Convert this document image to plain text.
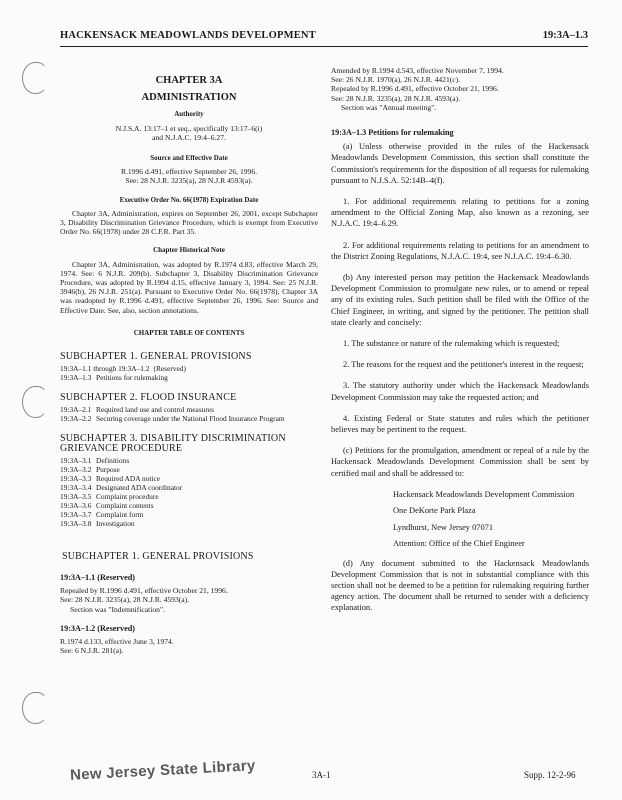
HACKENSACK MEADOWLANDS DEVELOPMENT	19:3A–1.3
CHAPTER 3A
ADMINISTRATION
Authority
N.J.S.A. 13:17–1 et seq., specifically 13:17–6(i)
and N.J.A.C. 19:4–6.27.
Source and Effective Date
R.1996 d.491, effective September 26, 1996.
See: 28 N.J.R. 3235(a), 28 N.J.R 4593(a).
Executive Order No. 66(1978) Expiration Date
Chapter 3A, Administration, expires on September 26, 2001, except Subchapter 3, Disability Discrimination Grievance Procedure, which is exempt from Executive Order No. 66(1978) under 28 C.F.R. Part 35.
Chapter Historical Note
Chapter 3A, Administration, was adopted by R.1974 d.83, effective March 29, 1974. See: 6 N.J.R. 209(b). Subchapter 3, Disability Discrimination Grievance Procedure, was adopted by R.1994 d.15, effective January 3, 1994. See: 25 N.J.R. 3946(b), 26 N.J.R. 251(a). Pursuant to Executive Order No. 66(1978), Chapter 3A was readopted by R.1996 d.491, effective September 26, 1996. See: Source and Effective Date. See, also, section annotations.
CHAPTER TABLE OF CONTENTS
SUBCHAPTER 1. GENERAL PROVISIONS
19:3A–1.1 through 19:3A–1.2 (Reserved)
19:3A–1.3 Petitions for rulemaking
SUBCHAPTER 2. FLOOD INSURANCE
19:3A–2.1 Required land use and control measures
19:3A–2.2 Securing coverage under the National Flood Insurance Program
SUBCHAPTER 3. DISABILITY DISCRIMINATION GRIEVANCE PROCEDURE
19:3A–3.1 Definitions
19:3A–3.2 Purpose
19:3A–3.3 Required ADA notice
19:3A–3.4 Designated ADA coordinator
19:3A–3.5 Complaint procedure
19:3A–3.6 Complaint contents
19:3A–3.7 Complaint form
19:3A–3.8 Investigation
SUBCHAPTER 1. GENERAL PROVISIONS
19:3A–1.1 (Reserved)
Repealed by R.1996 d.491, effective October 21, 1996.
See: 28 N.J.R. 3235(a), 28 N.J.R. 4593(a).
Section was "Indemnification".
19:3A–1.2 (Reserved)
R.1974 d.133, effective June 3, 1974.
See: 6 N.J.R. 281(a).
Amended by R.1994 d.543, effective November 7, 1994.
See: 26 N.J.R. 1970(a), 26 N.J.R. 4421(c).
Repealed by R.1996 d.491, effective October 21, 1996.
See: 28 N.J.R. 3235(a), 28 N.J.R. 4593(a).
Section was "Annual meeting".
19:3A–1.3 Petitions for rulemaking
(a) Unless otherwise provided in the rules of the Hackensack Meadowlands Development Commission, this section shall constitute the Commission's requirements for the disposition of all requests for rulemaking pursuant to N.J.S.A. 52:14B–4(f).
1. For additional requirements relating to petitions for a zoning amendment to the Official Zoning Map, also known as a rezoning, see N.J.A.C. 19:4–6.29.
2. For additional requirements relating to petitions for an amendment to the District Zoning Regulations, N.J.A.C. 19:4, see N.J.A.C. 19:4–6.30.
(b) Any interested person may petition the Hackensack Meadowlands Development Commission to promulgate new rules, or to amend or repeal any of its existing rules. Such petition shall be filed with the Office of the Chief Engineer, in writing, and signed by the petitioner. The petition shall state clearly and concisely:
1. The substance or nature of the rulemaking which is requested;
2. The reasons for the request and the petitioner's interest in the request;
3. The statutory authority under which the Hackensack Meadowlands Development Commission may take the requested action; and
4. Existing Federal or State statutes and rules which the petitioner believes may be pertinent to the request.
(c) Petitions for the promulgation, amendment or repeal of a rule by the Hackensack Meadowlands Development Commission shall be sent by certified mail and shall be addressed to:
Hackensack Meadowlands Development Commission
One DeKorte Park Plaza
Lyndhurst, New Jersey 07071
Attention: Office of the Chief Engineer
(d) Any document submitted to the Hackensack Meadowlands Development Commission that is not in substantial compliance with this section shall not be deemed to be a petition for rulemaking requiring further agency action. The document shall be returned to sender with a deficiency explanation.
New Jersey State Library	3A-1	Supp. 12-2-96
